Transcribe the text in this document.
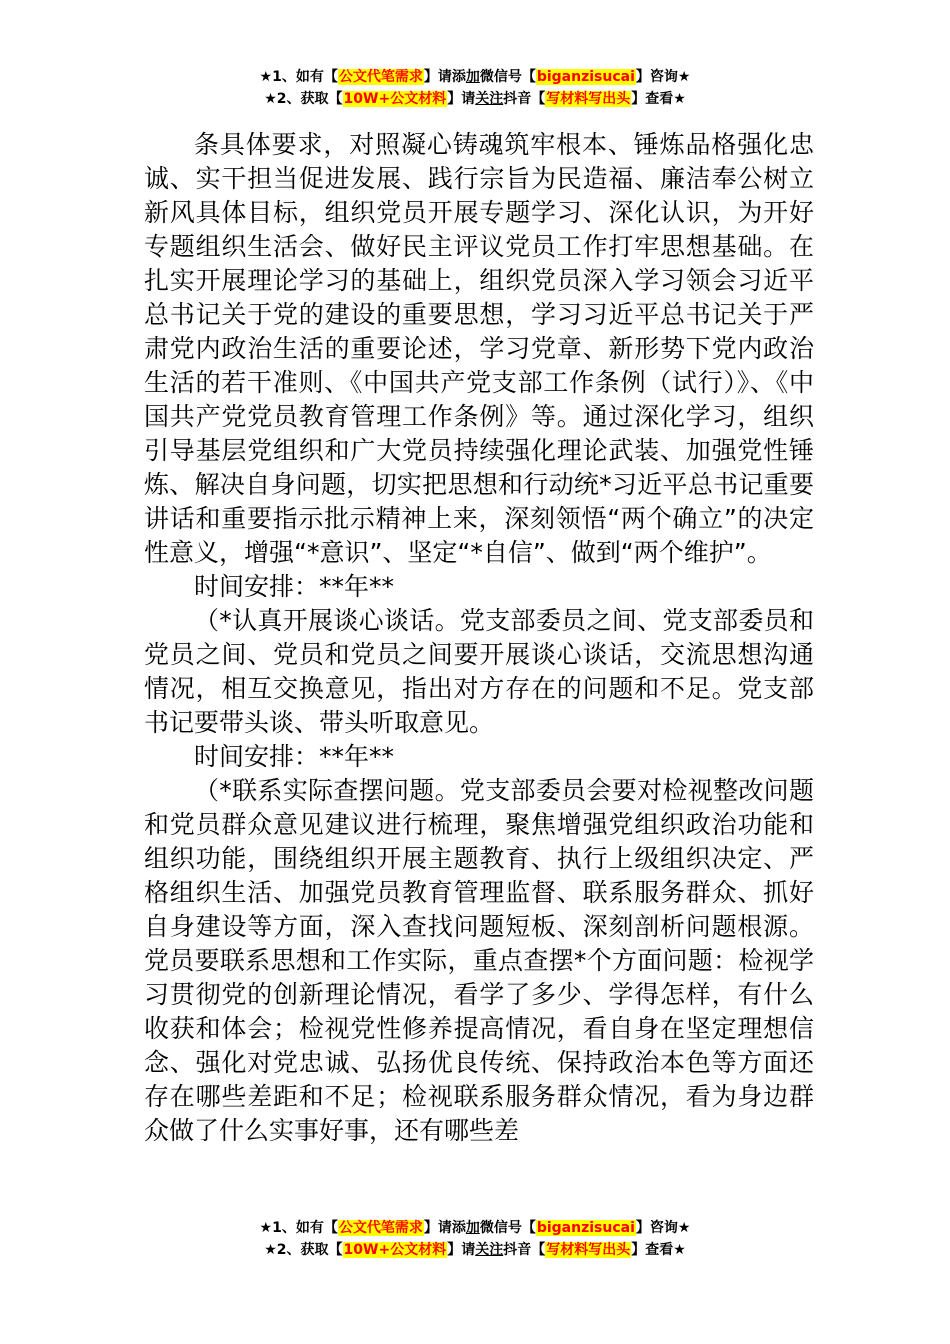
★1、如有【公文代笔需求】请添加微信号【biganzisucai】咨询★
★2、获取【10W+公文材料】请关注抖音【写材料写出头】查看★

条具体要求，对照凝心铸魂筑牢根本、锤炼品格强化忠诚、实干担当促进发展、践行宗旨为民造福、廉洁奉公树立新风具体目标，组织党员开展专题学习、深化认识，为开好专题组织生活会、做好民主评议党员工作打牢思想基础。在扎实开展理论学习的基础上，组织党员深入学习领会习近平总书记关于党的建设的重要思想，学习习近平总书记关于严肃党内政治生活的重要论述，学习党章、新形势下党内政治生活的若干准则、《中国共产党支部工作条例（试行）》、《中国共产党党员教育管理工作条例》等。通过深化学习，组织引导基层党组织和广大党员持续强化理论武装、加强党性锤炼、解决自身问题，切实把思想和行动统*习近平总书记重要讲话和重要指示批示精神上来，深刻领悟“两个确立”的决定性意义，增强“*意识”、坚定“*自信”、做到“两个维护”。

时间安排：**年**

（*认真开展谈心谈话。党支部委员之间、党支部委员和党员之间、党员和党员之间要开展谈心谈话，交流思想沟通情况，相互交换意见，指出对方存在的问题和不足。党支部书记要带头谈、带头听取意见。

时间安排：**年**

（*联系实际查摆问题。党支部委员会要对检视整改问题和党员群众意见建议进行梳理，聚焦增强党组织政治功能和组织功能，围绕组织开展主题教育、执行上级组织决定、严格组织生活、加强党员教育管理监督、联系服务群众、抓好自身建设等方面，深入查找问题短板、深刻剖析问题根源。党员要联系思想和工作实际，重点查摆*个方面问题：检视学习贯彻党的创新理论情况，看学了多少、学得怎样，有什么收获和体会；检视党性修养提高情况，看自身在坚定理想信念、强化对党忠诚、弘扬优良传统、保持政治本色等方面还存在哪些差距和不足；检视联系服务群众情况，看为身边群众做了什么实事好事，还有哪些差

★1、如有【公文代笔需求】请添加微信号【biganzisucai】咨询★
★2、获取【10W+公文材料】请关注抖音【写材料写出头】查看★
